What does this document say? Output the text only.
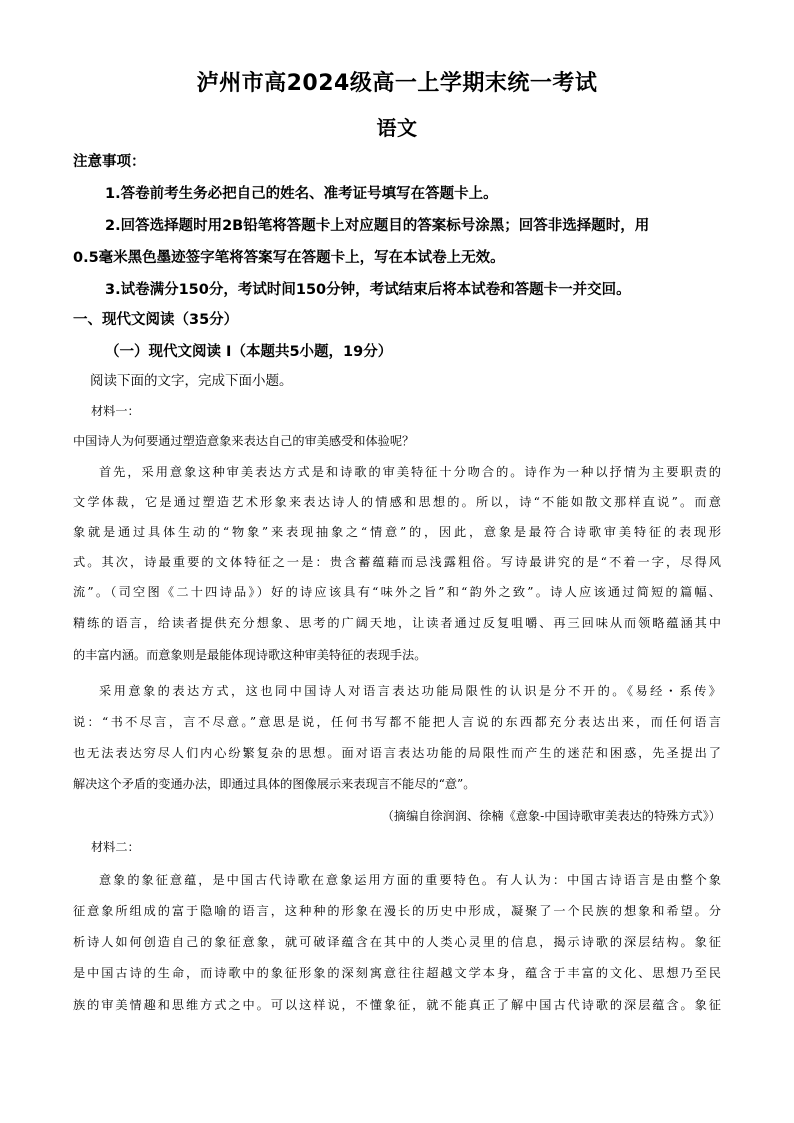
泸州市高2024级高一上学期末统一考试
语文
注意事项：
1.答卷前考生务必把自己的姓名、准考证号填写在答题卡上。
2.回答选择题时用2B铅笔将答题卡上对应题目的答案标号涂黑；回答非选择题时，用
0.5毫米黑色墨迹签字笔将答案写在答题卡上，写在本试卷上无效。
3.试卷满分150分，考试时间150分钟，考试结束后将本试卷和答题卡一并交回。
一、现代文阅读（35分）
（一）现代文阅读 I（本题共5小题，19分）
阅读下面的文字，完成下面小题。
材料一：
中国诗人为何要通过塑造意象来表达自己的审美感受和体验呢？
首先，采用意象这种审美表达方式是和诗歌的审美特征十分吻合的。诗作为一种以抒情为主要职责的
文学体裁，它是通过塑造艺术形象来表达诗人的情感和思想的。所以，诗“不能如散文那样直说”。而意
象就是通过具体生动的“物象”来表现抽象之“情意”的，因此，意象是最符合诗歌审美特征的表现形
式。其次，诗最重要的文体特征之一是：贵含蓄蕴藉而忌浅露粗俗。写诗最讲究的是“不着一字，尽得风
流”。（司空图《二十四诗品》）好的诗应该具有“味外之旨”和“韵外之致”。诗人应该通过简短的篇幅、
精练的语言，给读者提供充分想象、思考的广阔天地，让读者通过反复咀嚼、再三回味从而领略蕴涵其中
的丰富内涵。而意象则是最能体现诗歌这种审美特征的表现手法。
采用意象的表达方式，这也同中国诗人对语言表达功能局限性的认识是分不开的。《易经・系传》
说：“书不尽言，言不尽意。”意思是说，任何书写都不能把人言说的东西都充分表达出来，而任何语言
也无法表达穷尽人们内心纷繁复杂的思想。面对语言表达功能的局限性而产生的迷茫和困惑，先圣提出了
解决这个矛盾的变通办法，即通过具体的图像展示来表现言不能尽的“意”。
（摘编自徐润润、徐楠《意象-中国诗歌审美表达的特殊方式》）
材料二：
意象的象征意蕴，是中国古代诗歌在意象运用方面的重要特色。有人认为：中国古诗语言是由整个象
征意象所组成的富于隐喻的语言，这种种的形象在漫长的历史中形成，凝聚了一个民族的想象和希望。分
析诗人如何创造自己的象征意象，就可破译蕴含在其中的人类心灵里的信息，揭示诗歌的深层结构。象征
是中国古诗的生命，而诗歌中的象征形象的深刻寓意往往超越文学本身，蕴含于丰富的文化、思想乃至民
族的审美情趣和思维方式之中。可以这样说，不懂象征，就不能真正了解中国古代诗歌的深层蕴含。象征
